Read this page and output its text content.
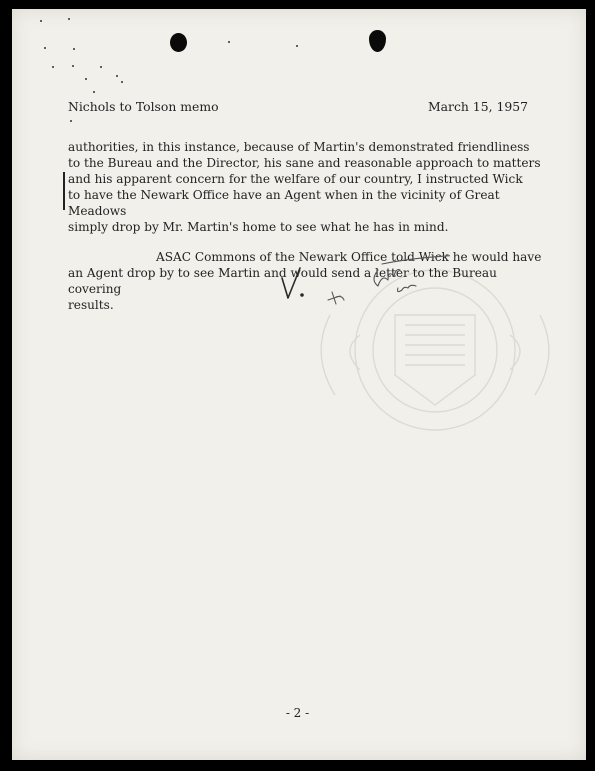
Nichols to Tolson memo	March 15, 1957

authorities, in this instance, because of Martin's demonstrated friendliness
to the Bureau and the Director, his sane and reasonable approach to matters
and his apparent concern for the welfare of our country, I instructed Wick
to have the Newark Office have an Agent when in the vicinity of Great Meadows
simply drop by Mr. Martin's home to see what he has in mind.

ASAC Commons of the Newark Office told Wick he would have
an Agent drop by to see Martin and would send a letter to the Bureau covering
results.

- 2 -
